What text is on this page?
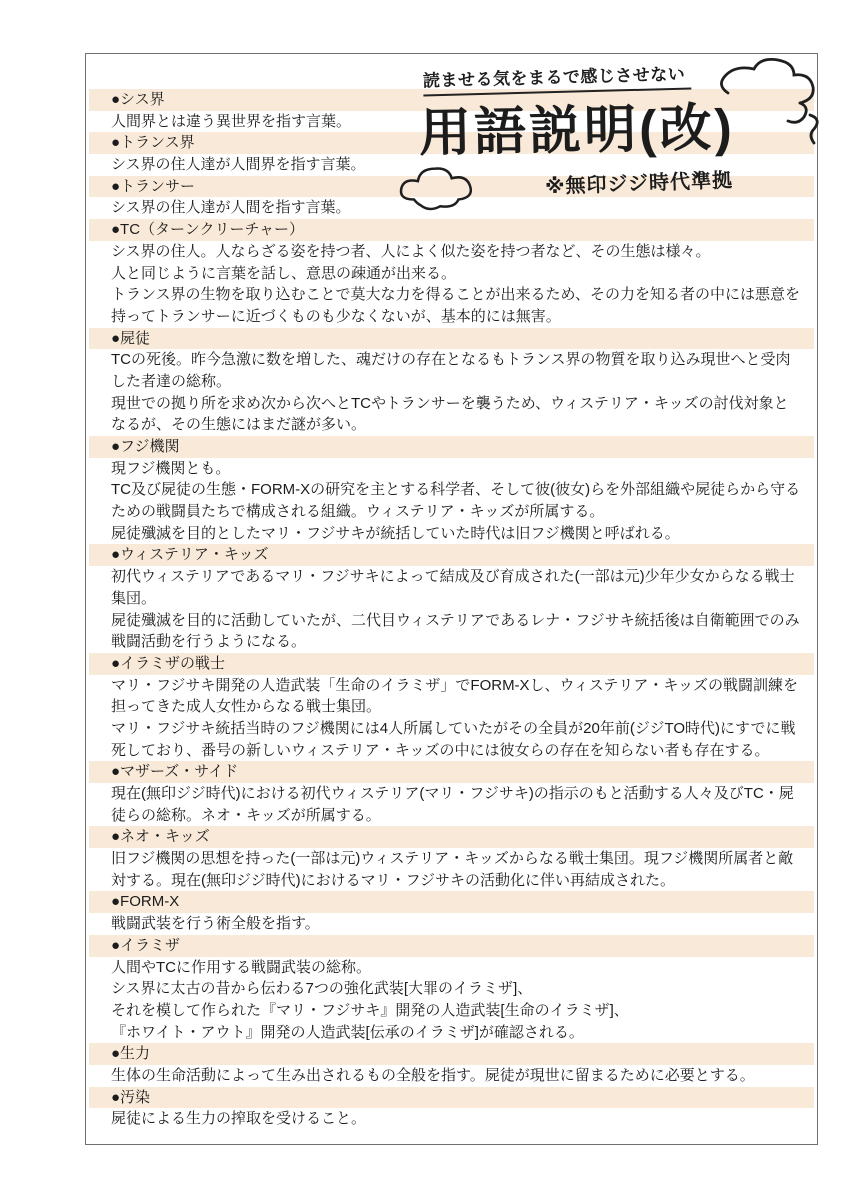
●シス界
人間界とは違う異世界を指す言葉。
●トランス界
シス界の住人達が人間界を指す言葉。
●トランサー
シス界の住人達が人間を指す言葉。
●TC（ターンクリーチャー）
シス界の住人。人ならざる姿を持つ者、人によく似た姿を持つ者など、その生態は様々。
人と同じように言葉を話し、意思の疎通が出来る。
トランス界の生物を取り込むことで莫大な力を得ることが出来るため、その力を知る者の中には悪意を
持ってトランサーに近づくものも少なくないが、基本的には無害。
●屍徒
TCの死後。昨今急激に数を増した、魂だけの存在となるもトランス界の物質を取り込み現世へと受肉
した者達の総称。
現世での拠り所を求め次から次へとTCやトランサーを襲うため、ウィステリア・キッズの討伐対象と
なるが、その生態にはまだ謎が多い。
●フジ機関
現フジ機関とも。
TC及び屍徒の生態・FORM-Xの研究を主とする科学者、そして彼(彼女)らを外部組織や屍徒らから守る
ための戦闘員たちで構成される組織。ウィステリア・キッズが所属する。
屍徒殲滅を目的としたマリ・フジサキが統括していた時代は旧フジ機関と呼ばれる。
●ウィステリア・キッズ
初代ウィステリアであるマリ・フジサキによって結成及び育成された(一部は元)少年少女からなる戦士
集団。
屍徒殲滅を目的に活動していたが、二代目ウィステリアであるレナ・フジサキ統括後は自衛範囲でのみ
戦闘活動を行うようになる。
●イラミザの戦士
マリ・フジサキ開発の人造武装「生命のイラミザ」でFORM-Xし、ウィステリア・キッズの戦闘訓練を
担ってきた成人女性からなる戦士集団。
マリ・フジサキ統括当時のフジ機関には4人所属していたがその全員が20年前(ジジTO時代)にすでに戦
死しており、番号の新しいウィステリア・キッズの中には彼女らの存在を知らない者も存在する。
●マザーズ・サイド
現在(無印ジジ時代)における初代ウィステリア(マリ・フジサキ)の指示のもと活動する人々及びTC・屍
徒らの総称。ネオ・キッズが所属する。
●ネオ・キッズ
旧フジ機関の思想を持った(一部は元)ウィステリア・キッズからなる戦士集団。現フジ機関所属者と敵
対する。現在(無印ジジ時代)におけるマリ・フジサキの活動化に伴い再結成された。
●FORM-X
戦闘武装を行う術全般を指す。
●イラミザ
人間やTCに作用する戦闘武装の総称。
シス界に太古の昔から伝わる7つの強化武装[大罪のイラミザ]、
それを模して作られた『マリ・フジサキ』開発の人造武装[生命のイラミザ]、
『ホワイト・アウト』開発の人造武装[伝承のイラミザ]が確認される。
●生力
生体の生命活動によって生み出されるもの全般を指す。屍徒が現世に留まるために必要とする。
●汚染
屍徒による生力の搾取を受けること。
読ませる気をまるで感じさせない
用語説明(改)
※無印ジジ時代準拠
